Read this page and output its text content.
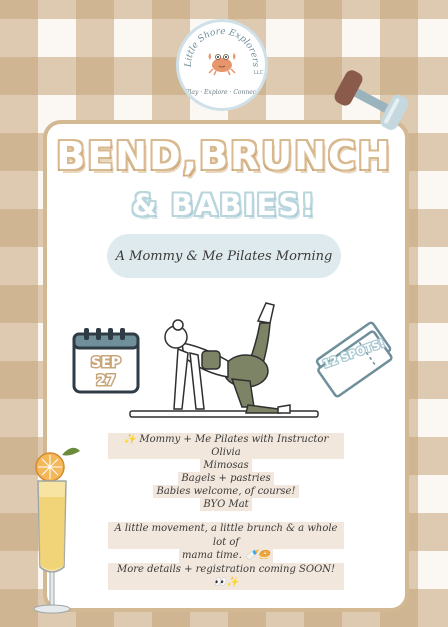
Little Shore Explorers
LLC
Play · Explore · Connect
BEND,BRUNCH
& BABIES!
A Mommy & Me Pilates Morning
SEP
27
12 SPOTS!
✨ Mommy + Me Pilates with Instructor Olivia
Mimosas
Bagels + pastries
Babies welcome, of course!
BYO Mat
A little movement, a little brunch & a whole lot of
mama time. 🍼🥯
More details + registration coming SOON! 👀✨
